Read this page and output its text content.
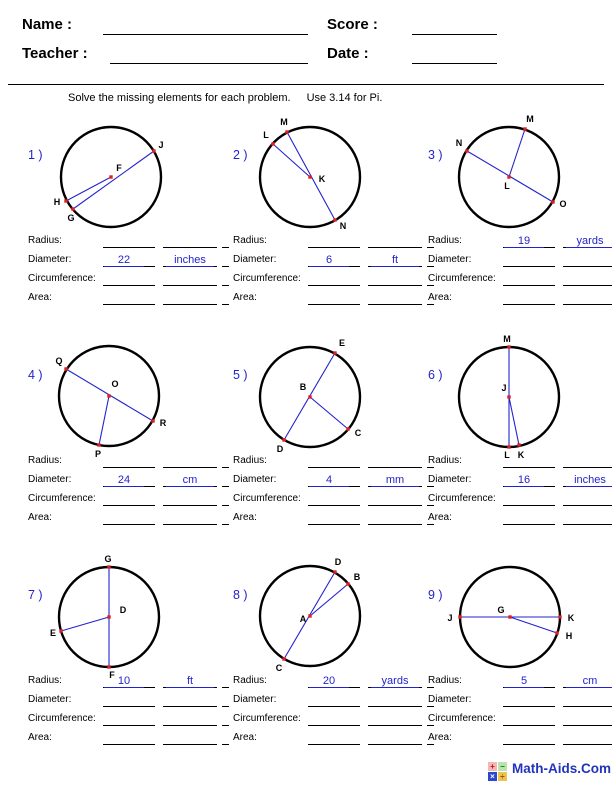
Name :	Score :
Teacher :	Date :
Solve the missing elements for each problem. Use 3.14 for Pi.
1 )
J
H
G
F
Radius:
Diameter:	22	inches
Circumference:
Area:
2 )
M
L
N
K
Radius:
Diameter:	6	ft
Circumference:
Area:
3 )
M
N
O
L
Radius:	19	yards
Diameter:
Circumference:
Area:
4 )
Q
R
P
O
Radius:
Diameter:	24	cm
Circumference:
Area:
5 )
E
D
C
B
Radius:
Diameter:	4	mm
Circumference:
Area:
6 )
M
L K
J
Radius:
Diameter:	16	inches
Circumference:
Area:
7 )
G
F
E
D
Radius:	10	ft
Diameter:
Circumference:
Area:
8 )
D
B
C
A
Radius:	20	yards
Diameter:
Circumference:
Area:
9 )
J	K
H
G
Radius:	5	cm
Diameter:
Circumference:
Area:
+ −
× ÷
Math-Aids.Com
